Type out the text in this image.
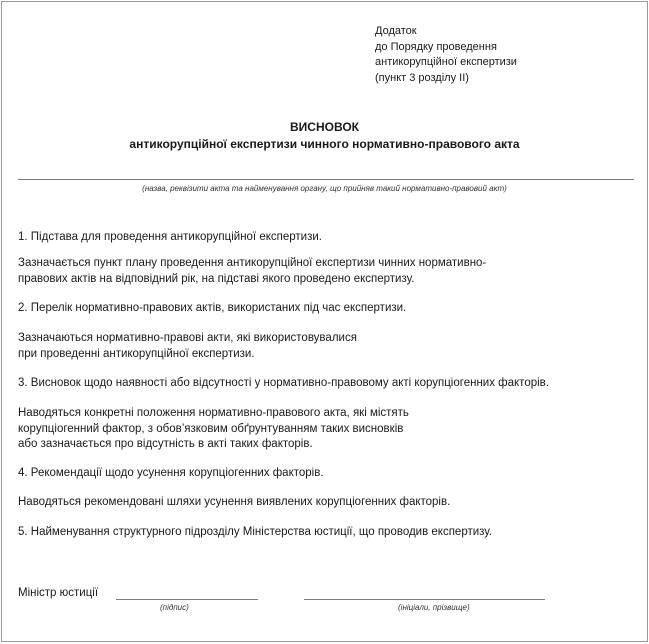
Додаток
до Порядку проведення
антикорупційної експертизи
(пункт 3 розділу II)
ВИСНОВОК
антикорупційної експертизи чинного нормативно-правового акта
(назва, реквізити акта та найменування органу, що прийняв такий нормативно-правовий акт)
1. Підстава для проведення антикорупційної експертизи.
Зазначається пункт плану проведення антикорупційної експертизи чинних нормативно-
правових актів на відповідний рік, на підставі якого проведено експертизу.
2. Перелік нормативно-правових актів, використаних під час експертизи.
Зазначаються нормативно-правові акти, які використовувалися
при проведенні антикорупційної експертизи.
3. Висновок щодо наявності або відсутності у нормативно-правовому акті корупціогенних факторів.
Наводяться конкретні положення нормативно-правового акта, які містять
корупціогенний фактор, з обов’язковим обґрунтуванням таких висновків
або зазначається про відсутність в акті таких факторів.
4. Рекомендації щодо усунення корупціогенних факторів.
Наводяться рекомендовані шляхи усунення виявлених корупціогенних факторів.
5. Найменування структурного підрозділу Міністерства юстиції, що проводив експертизу.
Міністр юстиції
(підпис)	(ініціали, прізвище)
